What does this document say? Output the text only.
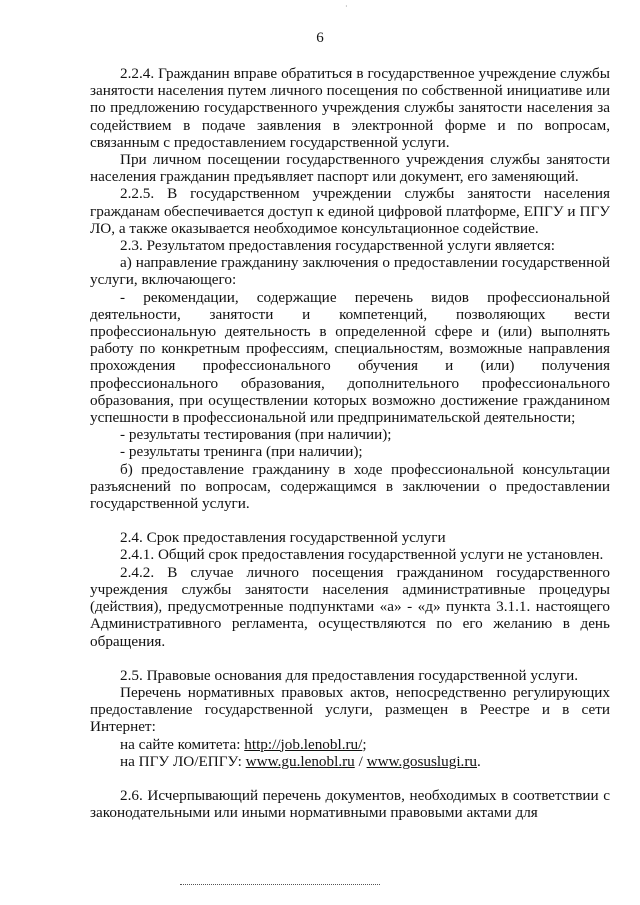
·
6

2.2.4. Гражданин вправе обратиться в государственное учреждение службы занятости населения путем личного посещения по собственной инициативе или по предложению государственного учреждения службы занятости населения за содействием в подаче заявления в электронной форме и по вопросам, связанным с предоставлением государственной услуги.

При личном посещении государственного учреждения службы занятости населения гражданин предъявляет паспорт или документ, его заменяющий.

2.2.5. В государственном учреждении службы занятости населения гражданам обеспечивается доступ к единой цифровой платформе, ЕПГУ и ПГУ ЛО, а также оказывается необходимое консультационное содействие.

2.3. Результатом предоставления государственной услуги является:

а) направление гражданину заключения о предоставлении государственной услуги, включающего:

- рекомендации, содержащие перечень видов профессиональной деятельности, занятости и компетенций, позволяющих вести профессиональную деятельность в определенной сфере и (или) выполнять работу по конкретным профессиям, специальностям, возможные направления прохождения профессионального обучения и (или) получения профессионального образования, дополнительного профессионального образования, при осуществлении которых возможно достижение гражданином успешности в профессиональной или предпринимательской деятельности;

- результаты тестирования (при наличии);

- результаты тренинга (при наличии);

б) предоставление гражданину в ходе профессиональной консультации разъяснений по вопросам, содержащимся в заключении о предоставлении государственной услуги.

2.4. Срок предоставления государственной услуги

2.4.1. Общий срок предоставления государственной услуги не установлен.

2.4.2. В случае личного посещения гражданином государственного учреждения службы занятости населения административные процедуры (действия), предусмотренные подпунктами «а» - «д» пункта 3.1.1. настоящего Административного регламента, осуществляются по его желанию в день обращения.

2.5. Правовые основания для предоставления государственной услуги.

Перечень нормативных правовых актов, непосредственно регулирующих предоставление государственной услуги, размещен в Реестре и в сети Интернет:

на сайте комитета: http://job.lenobl.ru/;

на ПГУ ЛО/ЕПГУ: www.gu.lenobl.ru / www.gosuslugi.ru.

2.6. Исчерпывающий перечень документов, необходимых в соответствии с законодательными или иными нормативными правовыми актами для
